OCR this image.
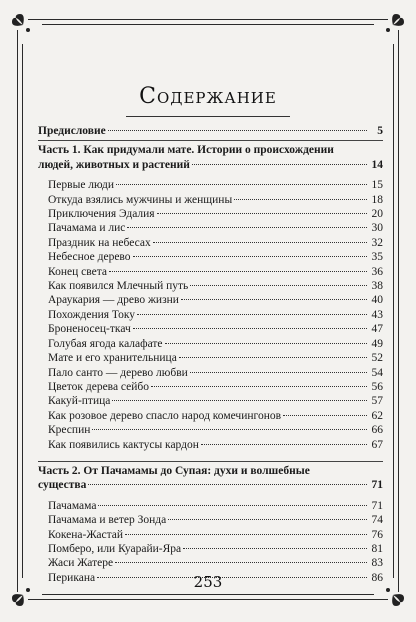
Содержание
Предисловие	5
Часть 1. Как придумали мате. Истории о происхождении
людей, животных и растений	14
Первые люди	15
Откуда взялись мужчины и женщины	18
Приключения Эдалия	20
Пачамама и лис	30
Праздник на небесах	32
Небесное дерево	35
Конец света	36
Как появился Млечный путь	38
Араукария — древо жизни	40
Похождения Току	43
Броненосец-ткач	47
Голубая ягода калафате	49
Мате и его хранительница	52
Пало санто — дерево любви	54
Цветок дерева сейбо	56
Какуй-птица	57
Как розовое дерево спасло народ комечингонов	62
Креспин	66
Как появились кактусы кардон	67
Часть 2. От Пачамамы до Супая: духи и волшебные
существа	71
Пачамама	71
Пачамама и ветер Зонда	74
Кокена-Жастай	76
Помберо, или Куарайи-Яра	81
Жаси Жатере	83
Перикана	86
253
